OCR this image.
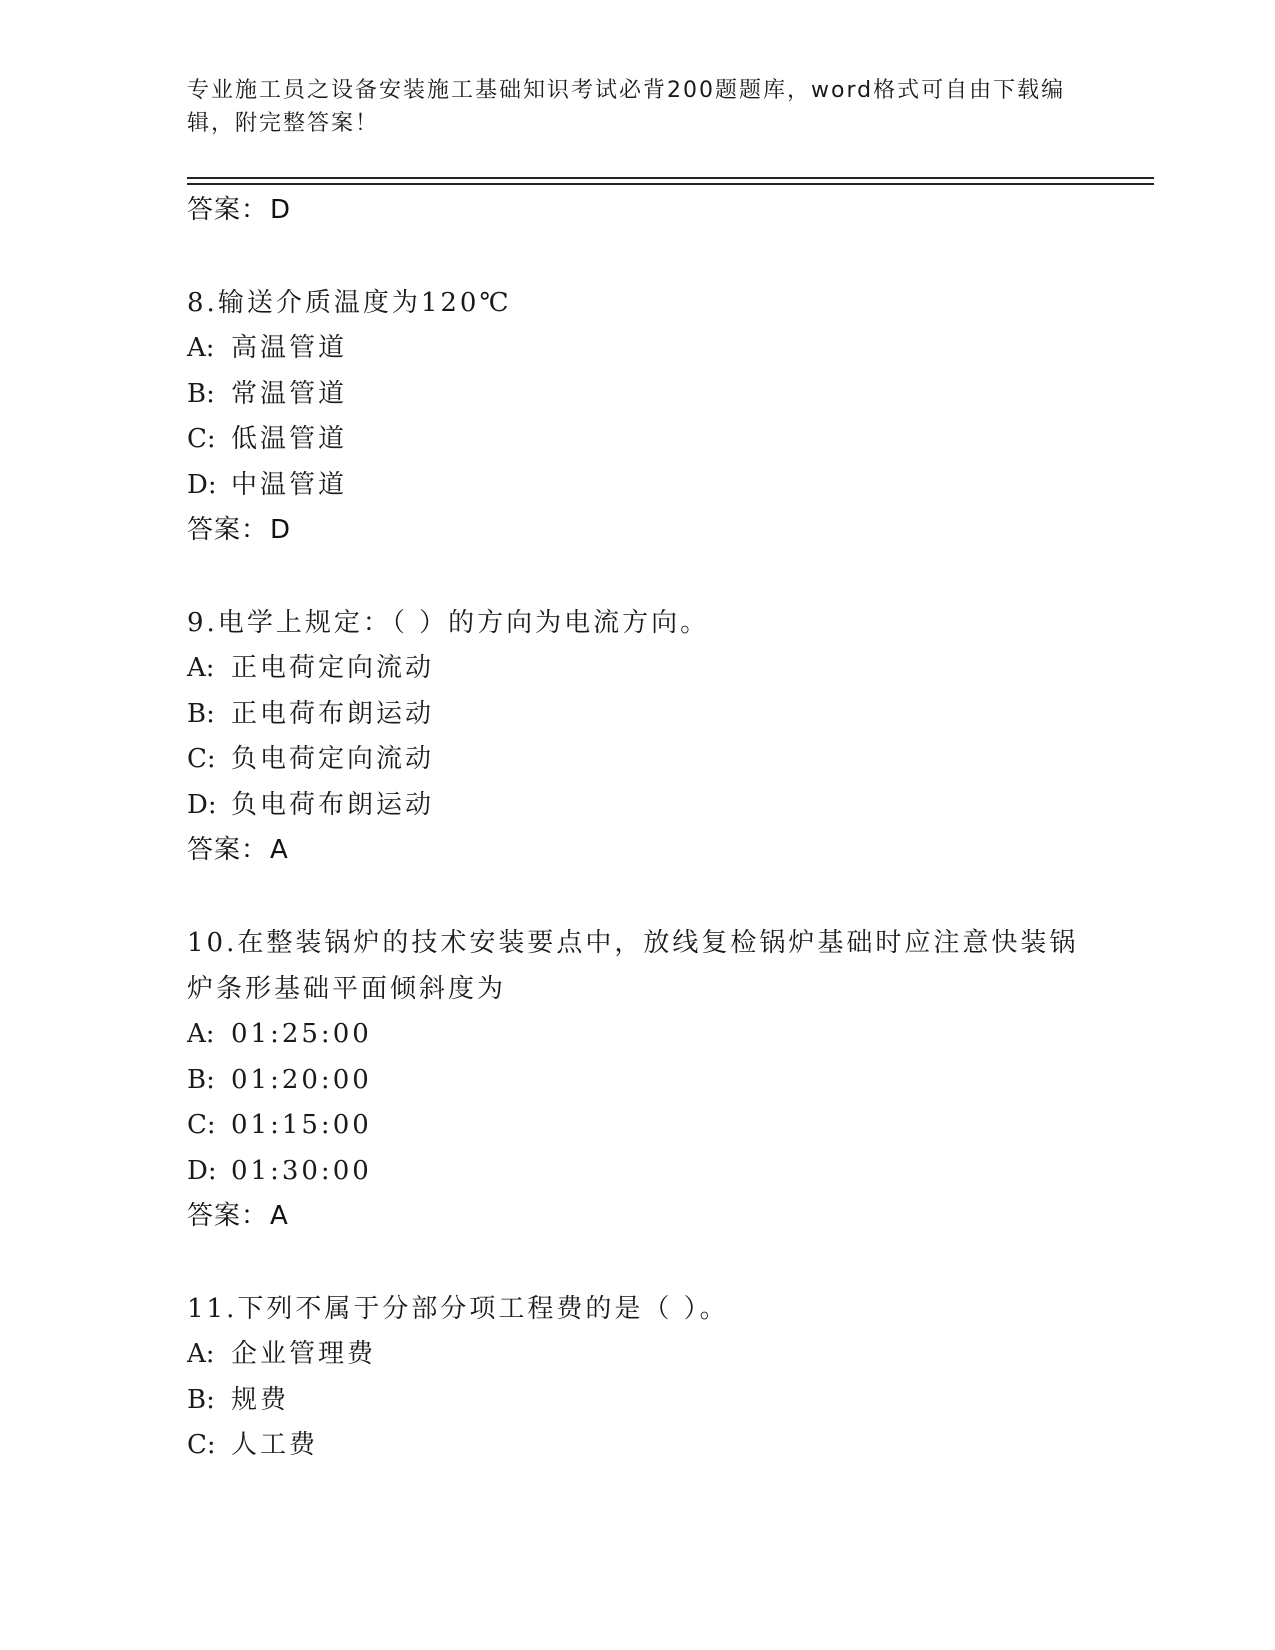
专业施工员之设备安装施工基础知识考试必背200题题库，word格式可自由下载编辑，附完整答案！
答案：D
8.输送介质温度为120℃
A: 高温管道
B: 常温管道
C: 低温管道
D: 中温管道
答案：D
9.电学上规定：（ ）的方向为电流方向。
A: 正电荷定向流动
B: 正电荷布朗运动
C: 负电荷定向流动
D: 负电荷布朗运动
答案：A
10.在整装锅炉的技术安装要点中，放线复检锅炉基础时应注意快装锅炉条形基础平面倾斜度为
A: 01:25:00
B: 01:20:00
C: 01:15:00
D: 01:30:00
答案：A
11.下列不属于分部分项工程费的是（ ）。
A: 企业管理费
B: 规费
C: 人工费
